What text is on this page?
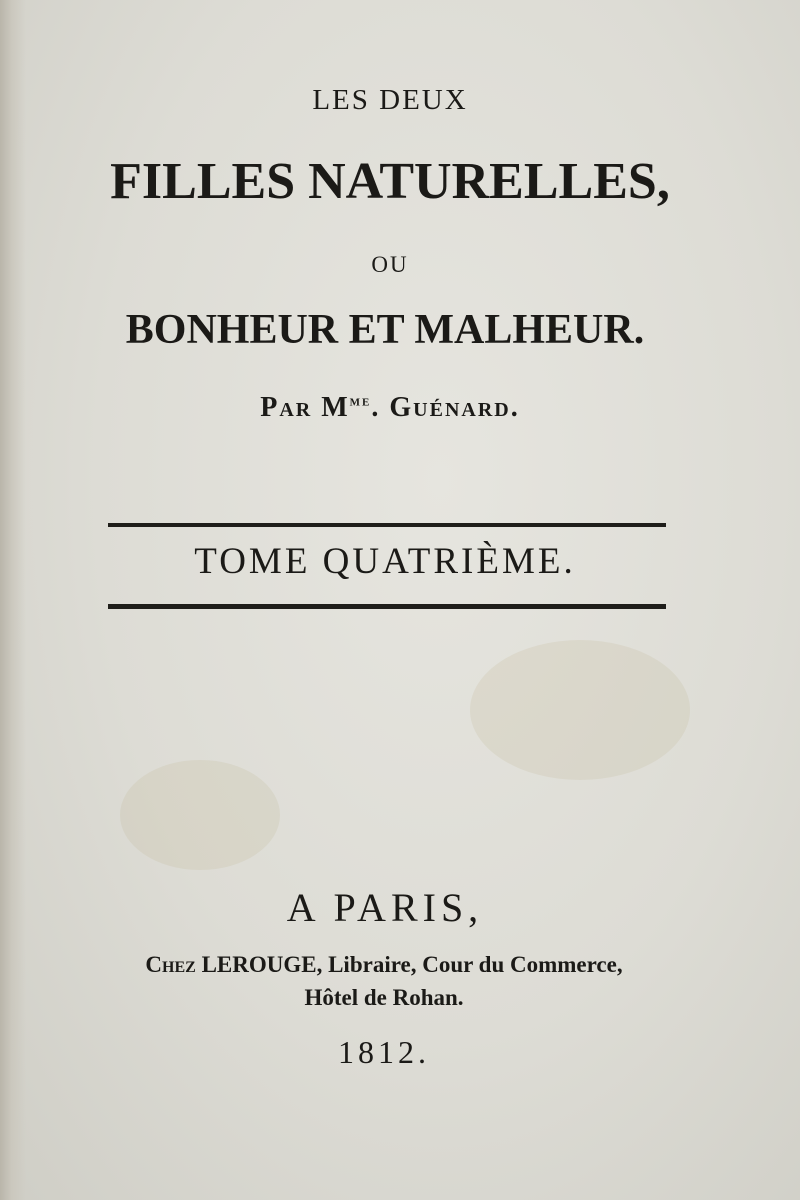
LES DEUX
FILLES NATURELLES,
OU
BONHEUR ET MALHEUR.
Par $M^{me}$. Guénard.
TOME QUATRIÈME.
A PARIS,
Chez LEROUGE, Libraire, Cour du Commerce,
Hôtel de Rohan.
1812.
